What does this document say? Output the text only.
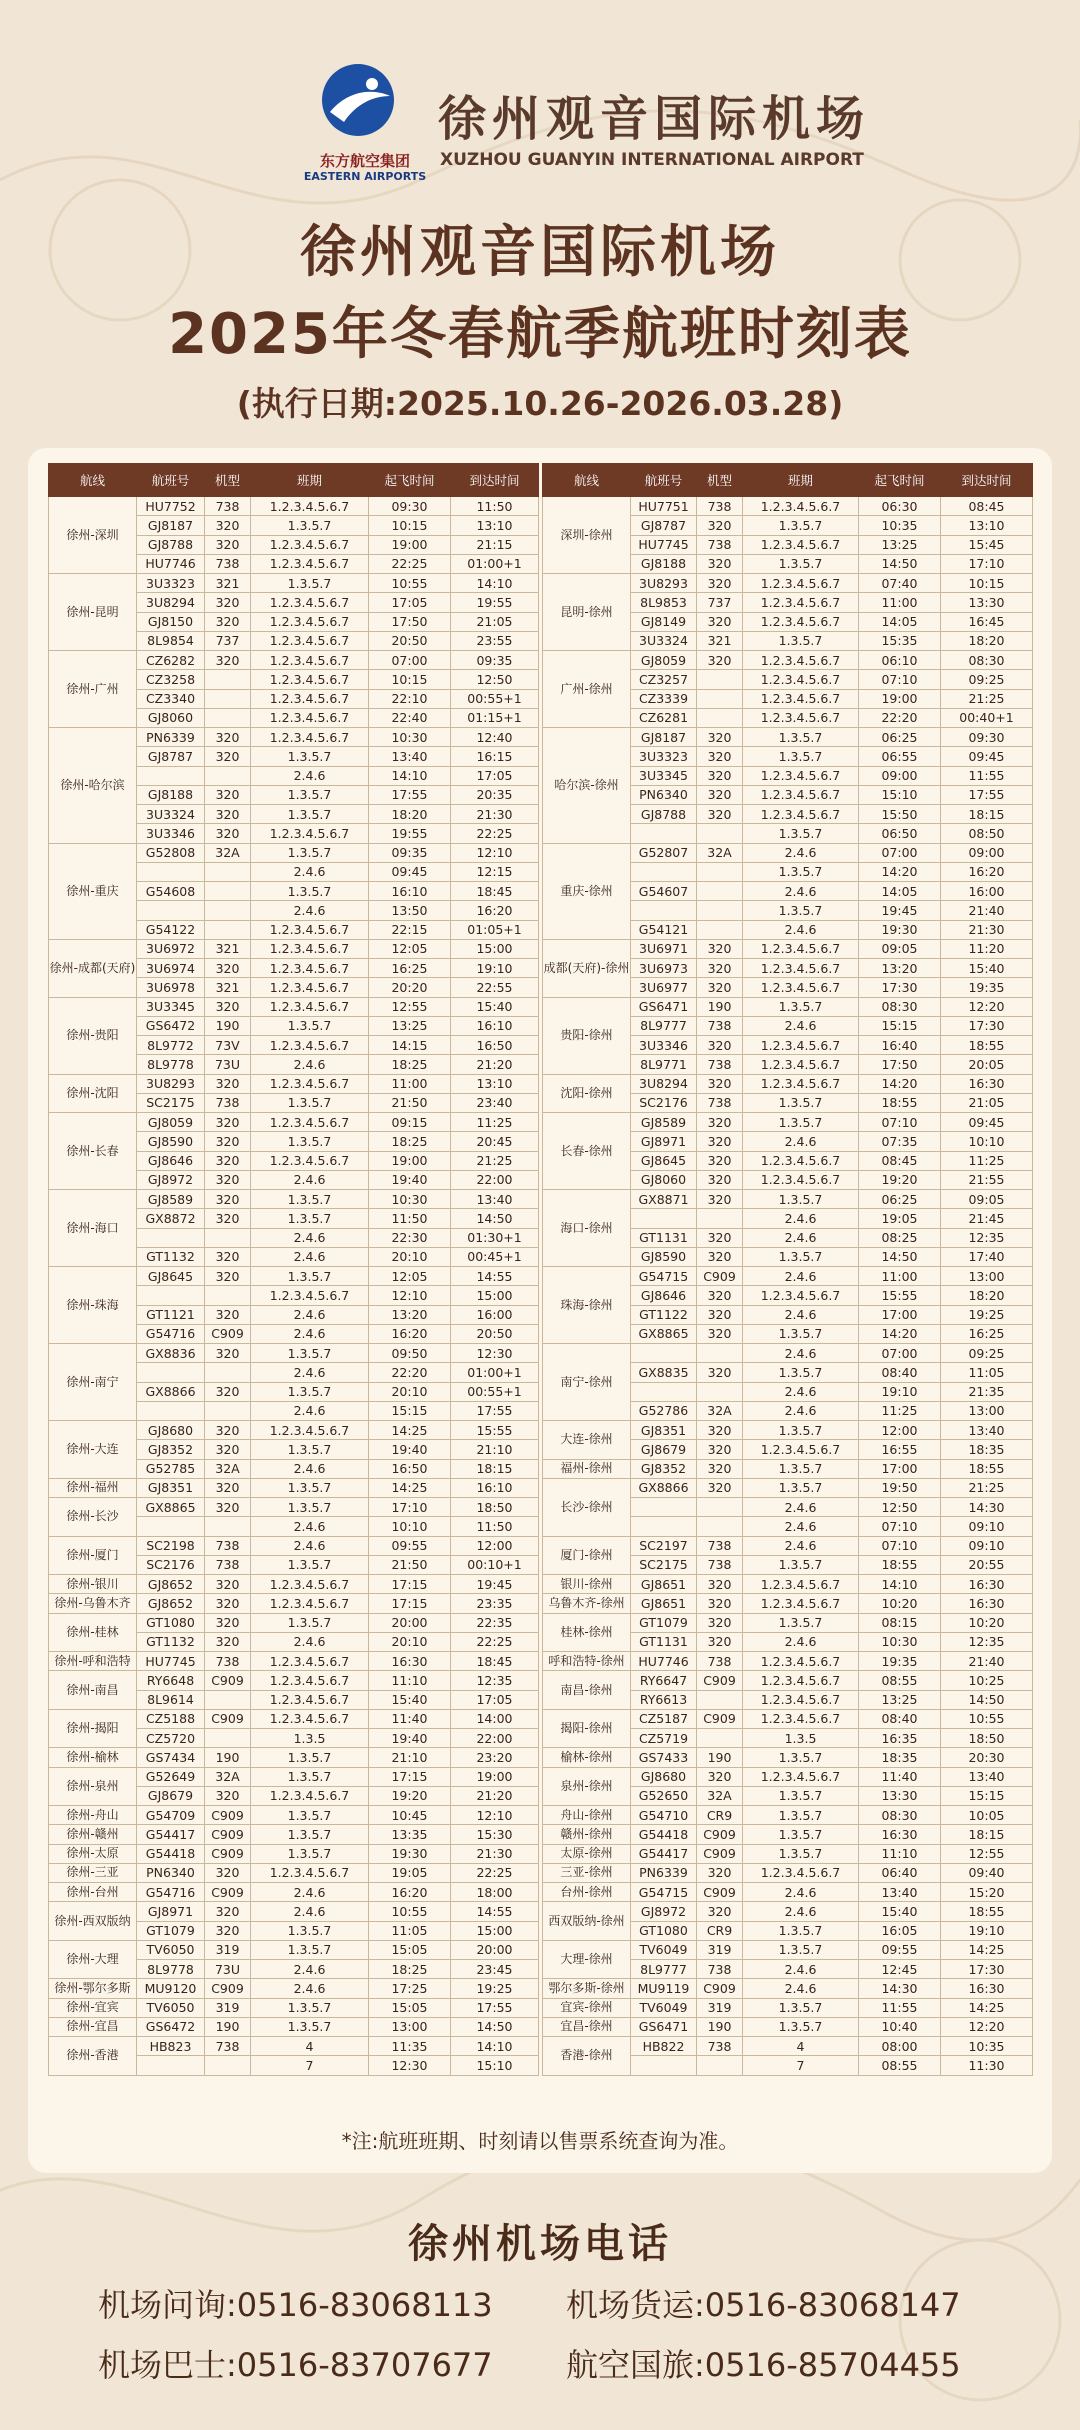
东方航空集团
EASTERN AIRPORTS
徐州观音国际机场
XUZHOU GUANYIN INTERNATIONAL AIRPORT
徐州观音国际机场
2025年冬春航季航班时刻表
(执行日期:2025.10.26-2026.03.28)
航线	航班号	机型	班期	起飞时间	到达时间		航线	航班号	机型	班期	起飞时间	到达时间
徐州-深圳	HU7752	738	1.2.3.4.5.6.7	09:30	11:50		深圳-徐州	HU7751	738	1.2.3.4.5.6.7	06:30	08:45
	GJ8187	320	1.3.5.7	10:15	13:10			GJ8787	320	1.3.5.7	10:35	13:10
	GJ8788	320	1.2.3.4.5.6.7	19:00	21:15			HU7745	738	1.2.3.4.5.6.7	13:25	15:45
	HU7746	738	1.2.3.4.5.6.7	22:25	01:00+1			GJ8188	320	1.3.5.7	14:50	17:10
徐州-昆明	3U3323	321	1.3.5.7	10:55	14:10		昆明-徐州	3U8293	320	1.2.3.4.5.6.7	07:40	10:15
	3U8294	320	1.2.3.4.5.6.7	17:05	19:55			8L9853	737	1.2.3.4.5.6.7	11:00	13:30
	GJ8150	320	1.2.3.4.5.6.7	17:50	21:05			GJ8149	320	1.2.3.4.5.6.7	14:05	16:45
	8L9854	737	1.2.3.4.5.6.7	20:50	23:55			3U3324	321	1.3.5.7	15:35	18:20
徐州-广州	CZ6282	320	1.2.3.4.5.6.7	07:00	09:35		广州-徐州	GJ8059	320	1.2.3.4.5.6.7	06:10	08:30
	CZ3258		1.2.3.4.5.6.7	10:15	12:50			CZ3257		1.2.3.4.5.6.7	07:10	09:25
	CZ3340		1.2.3.4.5.6.7	22:10	00:55+1			CZ3339		1.2.3.4.5.6.7	19:00	21:25
	GJ8060		1.2.3.4.5.6.7	22:40	01:15+1			CZ6281		1.2.3.4.5.6.7	22:20	00:40+1
徐州-哈尔滨	PN6339	320	1.2.3.4.5.6.7	10:30	12:40		哈尔滨-徐州	GJ8187	320	1.3.5.7	06:25	09:30
	GJ8787	320	1.3.5.7	13:40	16:15			3U3323	320	1.3.5.7	06:55	09:45
			2.4.6	14:10	17:05			3U3345	320	1.2.3.4.5.6.7	09:00	11:55
	GJ8188	320	1.3.5.7	17:55	20:35			PN6340	320	1.2.3.4.5.6.7	15:10	17:55
	3U3324	320	1.3.5.7	18:20	21:30			GJ8788	320	1.2.3.4.5.6.7	15:50	18:15
	3U3346	320	1.2.3.4.5.6.7	19:55	22:25					1.3.5.7	06:50	08:50
徐州-重庆	G52808	32A	1.3.5.7	09:35	12:10		重庆-徐州	G52807	32A	2.4.6	07:00	09:00
			2.4.6	09:45	12:15					1.3.5.7	14:20	16:20
	G54608		1.3.5.7	16:10	18:45			G54607		2.4.6	14:05	16:00
			2.4.6	13:50	16:20					1.3.5.7	19:45	21:40
	G54122		1.2.3.4.5.6.7	22:15	01:05+1			G54121		2.4.6	19:30	21:30
徐州-成都(天府)	3U6972	321	1.2.3.4.5.6.7	12:05	15:00		成都(天府)-徐州	3U6971	320	1.2.3.4.5.6.7	09:05	11:20
	3U6974	320	1.2.3.4.5.6.7	16:25	19:10			3U6973	320	1.2.3.4.5.6.7	13:20	15:40
	3U6978	321	1.2.3.4.5.6.7	20:20	22:55			3U6977	320	1.2.3.4.5.6.7	17:30	19:35
徐州-贵阳	3U3345	320	1.2.3.4.5.6.7	12:55	15:40		贵阳-徐州	GS6471	190	1.3.5.7	08:30	12:20
	GS6472	190	1.3.5.7	13:25	16:10			8L9777	738	2.4.6	15:15	17:30
	8L9772	73V	1.2.3.4.5.6.7	14:15	16:50			3U3346	320	1.2.3.4.5.6.7	16:40	18:55
	8L9778	73U	2.4.6	18:25	21:20			8L9771	738	1.2.3.4.5.6.7	17:50	20:05
徐州-沈阳	3U8293	320	1.2.3.4.5.6.7	11:00	13:10		沈阳-徐州	3U8294	320	1.2.3.4.5.6.7	14:20	16:30
	SC2175	738	1.3.5.7	21:50	23:40			SC2176	738	1.3.5.7	18:55	21:05
徐州-长春	GJ8059	320	1.2.3.4.5.6.7	09:15	11:25		长春-徐州	GJ8589	320	1.3.5.7	07:10	09:45
	GJ8590	320	1.3.5.7	18:25	20:45			GJ8971	320	2.4.6	07:35	10:10
	GJ8646	320	1.2.3.4.5.6.7	19:00	21:25			GJ8645	320	1.2.3.4.5.6.7	08:45	11:25
	GJ8972	320	2.4.6	19:40	22:00			GJ8060	320	1.2.3.4.5.6.7	19:20	21:55
徐州-海口	GJ8589	320	1.3.5.7	10:30	13:40		海口-徐州	GX8871	320	1.3.5.7	06:25	09:05
	GX8872	320	1.3.5.7	11:50	14:50					2.4.6	19:05	21:45
			2.4.6	22:30	01:30+1			GT1131	320	2.4.6	08:25	12:35
	GT1132	320	2.4.6	20:10	00:45+1			GJ8590	320	1.3.5.7	14:50	17:40
徐州-珠海	GJ8645	320	1.3.5.7	12:05	14:55		珠海-徐州	G54715	C909	2.4.6	11:00	13:00
			1.2.3.4.5.6.7	12:10	15:00			GJ8646	320	1.2.3.4.5.6.7	15:55	18:20
	GT1121	320	2.4.6	13:20	16:00			GT1122	320	2.4.6	17:00	19:25
	G54716	C909	2.4.6	16:20	20:50			GX8865	320	1.3.5.7	14:20	16:25
徐州-南宁	GX8836	320	1.3.5.7	09:50	12:30		南宁-徐州			2.4.6	07:00	09:25
			2.4.6	22:20	01:00+1			GX8835	320	1.3.5.7	08:40	11:05
	GX8866	320	1.3.5.7	20:10	00:55+1					2.4.6	19:10	21:35
			2.4.6	15:15	17:55			G52786	32A	2.4.6	11:25	13:00
徐州-大连	GJ8680	320	1.2.3.4.5.6.7	14:25	15:55		大连-徐州	GJ8351	320	1.3.5.7	12:00	13:40
	GJ8352	320	1.3.5.7	19:40	21:10			GJ8679	320	1.2.3.4.5.6.7	16:55	18:35
	G52785	32A	2.4.6	16:50	18:15		福州-徐州	GJ8352	320	1.3.5.7	17:00	18:55
徐州-福州	GJ8351	320	1.3.5.7	14:25	16:10		长沙-徐州	GX8866	320	1.3.5.7	19:50	21:25
徐州-长沙	GX8865	320	1.3.5.7	17:10	18:50					2.4.6	12:50	14:30
			2.4.6	10:10	11:50					2.4.6	07:10	09:10
徐州-厦门	SC2198	738	2.4.6	09:55	12:00		厦门-徐州	SC2197	738	2.4.6	07:10	09:10
	SC2176	738	1.3.5.7	21:50	00:10+1			SC2175	738	1.3.5.7	18:55	20:55
徐州-银川	GJ8652	320	1.2.3.4.5.6.7	17:15	19:45		银川-徐州	GJ8651	320	1.2.3.4.5.6.7	14:10	16:30
徐州-乌鲁木齐	GJ8652	320	1.2.3.4.5.6.7	17:15	23:35		乌鲁木齐-徐州	GJ8651	320	1.2.3.4.5.6.7	10:20	16:30
徐州-桂林	GT1080	320	1.3.5.7	20:00	22:35		桂林-徐州	GT1079	320	1.3.5.7	08:15	10:20
	GT1132	320	2.4.6	20:10	22:25			GT1131	320	2.4.6	10:30	12:35
徐州-呼和浩特	HU7745	738	1.2.3.4.5.6.7	16:30	18:45		呼和浩特-徐州	HU7746	738	1.2.3.4.5.6.7	19:35	21:40
徐州-南昌	RY6648	C909	1.2.3.4.5.6.7	11:10	12:35		南昌-徐州	RY6647	C909	1.2.3.4.5.6.7	08:55	10:25
	8L9614		1.2.3.4.5.6.7	15:40	17:05			RY6613		1.2.3.4.5.6.7	13:25	14:50
徐州-揭阳	CZ5188	C909	1.2.3.4.5.6.7	11:40	14:00		揭阳-徐州	CZ5187	C909	1.2.3.4.5.6.7	08:40	10:55
	CZ5720		1.3.5	19:40	22:00			CZ5719		1.3.5	16:35	18:50
徐州-榆林	GS7434	190	1.3.5.7	21:10	23:20		榆林-徐州	GS7433	190	1.3.5.7	18:35	20:30
徐州-泉州	G52649	32A	1.3.5.7	17:15	19:00		泉州-徐州	GJ8680	320	1.2.3.4.5.6.7	11:40	13:40
	GJ8679	320	1.2.3.4.5.6.7	19:20	21:20			G52650	32A	1.3.5.7	13:30	15:15
徐州-舟山	G54709	C909	1.3.5.7	10:45	12:10		舟山-徐州	G54710	CR9	1.3.5.7	08:30	10:05
徐州-赣州	G54417	C909	1.3.5.7	13:35	15:30		赣州-徐州	G54418	C909	1.3.5.7	16:30	18:15
徐州-太原	G54418	C909	1.3.5.7	19:30	21:30		太原-徐州	G54417	C909	1.3.5.7	11:10	12:55
徐州-三亚	PN6340	320	1.2.3.4.5.6.7	19:05	22:25		三亚-徐州	PN6339	320	1.2.3.4.5.6.7	06:40	09:40
徐州-台州	G54716	C909	2.4.6	16:20	18:00		台州-徐州	G54715	C909	2.4.6	13:40	15:20
徐州-西双版纳	GJ8971	320	2.4.6	10:55	14:55		西双版纳-徐州	GJ8972	320	2.4.6	15:40	18:55
	GT1079	320	1.3.5.7	11:05	15:00			GT1080	CR9	1.3.5.7	16:05	19:10
徐州-大理	TV6050	319	1.3.5.7	15:05	20:00		大理-徐州	TV6049	319	1.3.5.7	09:55	14:25
	8L9778	73U	2.4.6	18:25	23:45			8L9777	738	2.4.6	12:45	17:30
徐州-鄂尔多斯	MU9120	C909	2.4.6	17:25	19:25		鄂尔多斯-徐州	MU9119	C909	2.4.6	14:30	16:30
徐州-宜宾	TV6050	319	1.3.5.7	15:05	17:55		宜宾-徐州	TV6049	319	1.3.5.7	11:55	14:25
徐州-宜昌	GS6472	190	1.3.5.7	13:00	14:50		宜昌-徐州	GS6471	190	1.3.5.7	10:40	12:20
徐州-香港	HB823	738	4	11:35	14:10		香港-徐州	HB822	738	4	08:00	10:35
			7	12:30	15:10					7	08:55	11:30
*注:航班班期、时刻请以售票系统查询为准。
徐州机场电话
机场问询:0516-83068113 机场货运:0516-83068147
机场巴士:0516-83707677 航空国旅:0516-85704455
